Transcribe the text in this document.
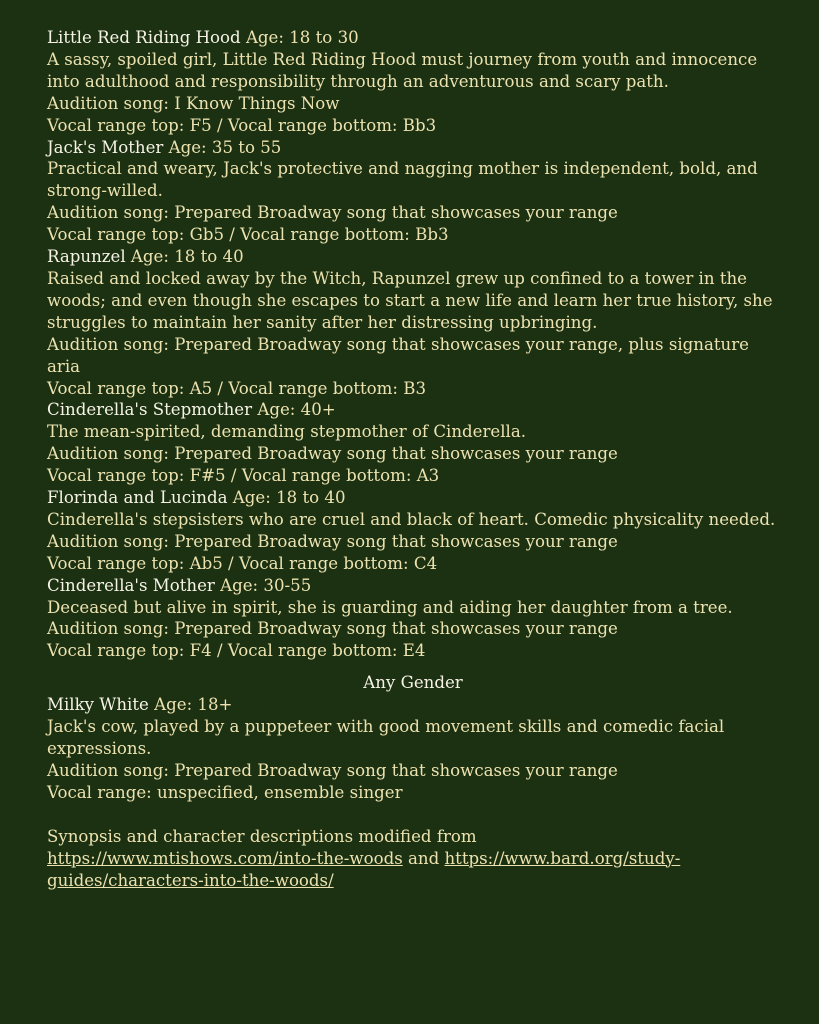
Little Red Riding Hood Age: 18 to 30

A sassy, spoiled girl, Little Red Riding Hood must journey from youth and innocence into adulthood and responsibility through an adventurous and scary path.

Audition song: I Know Things Now

Vocal range top: F5 / Vocal range bottom: Bb3

Jack's Mother Age: 35 to 55

Practical and weary, Jack's protective and nagging mother is independent, bold, and strong-willed.

Audition song: Prepared Broadway song that showcases your range

Vocal range top: Gb5 / Vocal range bottom: Bb3

Rapunzel Age: 18 to 40

Raised and locked away by the Witch, Rapunzel grew up confined to a tower in the woods; and even though she escapes to start a new life and learn her true history, she struggles to maintain her sanity after her distressing upbringing.

Audition song: Prepared Broadway song that showcases your range, plus signature aria

Vocal range top: A5 / Vocal range bottom: B3

Cinderella's Stepmother Age: 40+

The mean-spirited, demanding stepmother of Cinderella.

Audition song: Prepared Broadway song that showcases your range

Vocal range top: F#5 / Vocal range bottom: A3

Florinda and Lucinda Age: 18 to 40

Cinderella's stepsisters who are cruel and black of heart. Comedic physicality needed.

Audition song: Prepared Broadway song that showcases your range

Vocal range top: Ab5 / Vocal range bottom: C4

Cinderella's Mother Age: 30-55

Deceased but alive in spirit, she is guarding and aiding her daughter from a tree.

Audition song: Prepared Broadway song that showcases your range

Vocal range top: F4 / Vocal range bottom: E4

Any Gender

Milky White Age: 18+

Jack's cow, played by a puppeteer with good movement skills and comedic facial expressions.

Audition song: Prepared Broadway song that showcases your range

Vocal range: unspecified, ensemble singer

Synopsis and character descriptions modified from
https://www.mtishows.com/into-the-woods and https://www.bard.org/study-guides/characters-into-the-woods/
